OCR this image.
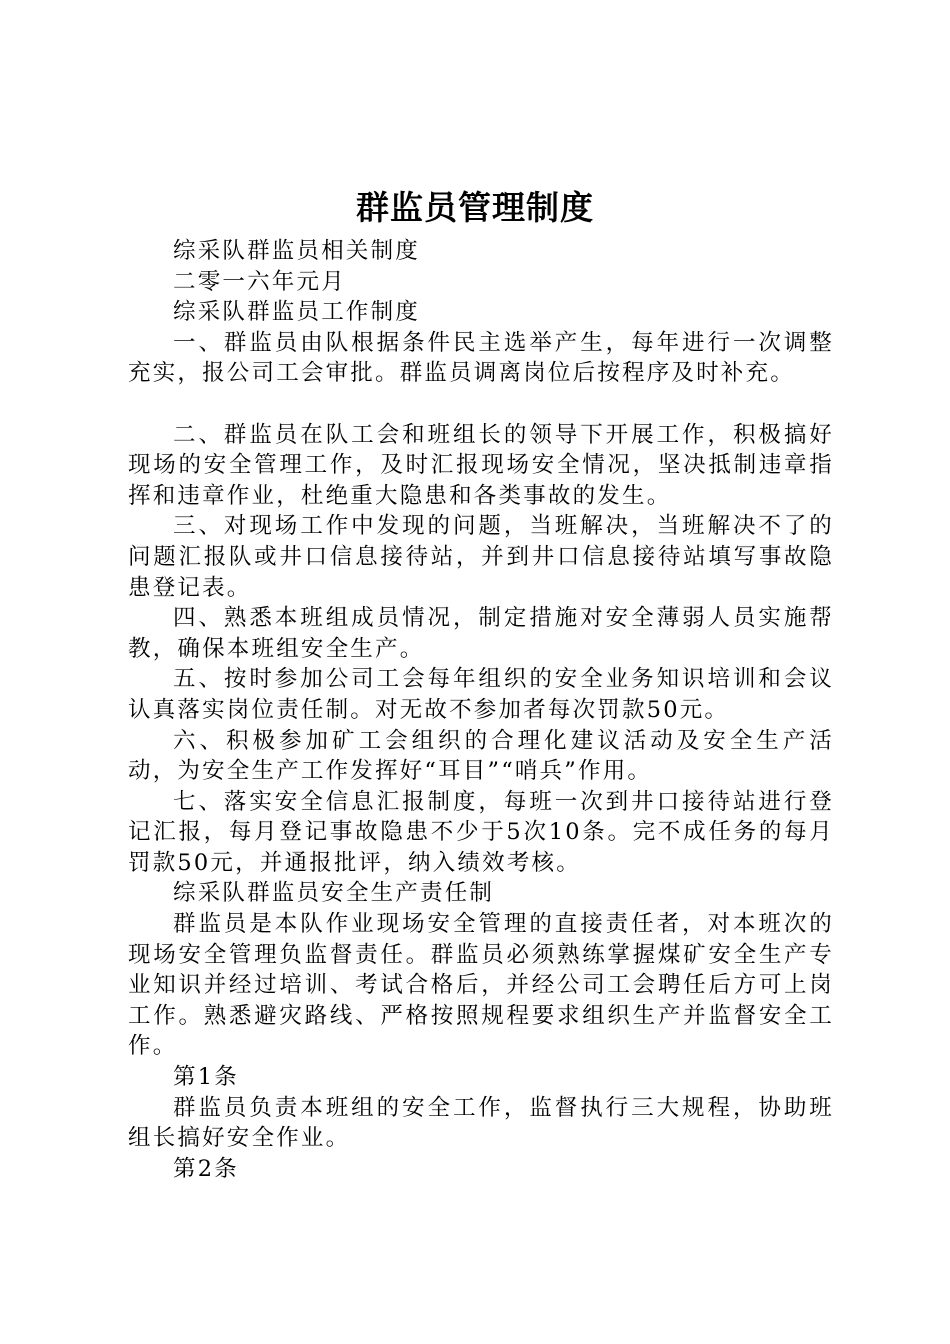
群监员管理制度

综采队群监员相关制度

二零一六年元月

综采队群监员工作制度

一、群监员由队根据条件民主选举产生，每年进行一次调整充实，报公司工会审批。群监员调离岗位后按程序及时补充。

二、群监员在队工会和班组长的领导下开展工作，积极搞好现场的安全管理工作，及时汇报现场安全情况，坚决抵制违章指挥和违章作业，杜绝重大隐患和各类事故的发生。

三、对现场工作中发现的问题，当班解决，当班解决不了的问题汇报队或井口信息接待站，并到井口信息接待站填写事故隐患登记表。

四、熟悉本班组成员情况，制定措施对安全薄弱人员实施帮教，确保本班组安全生产。

五、按时参加公司工会每年组织的安全业务知识培训和会议认真落实岗位责任制。对无故不参加者每次罚款50元。

六、积极参加矿工会组织的合理化建议活动及安全生产活动，为安全生产工作发挥好“耳目”“哨兵”作用。

七、落实安全信息汇报制度，每班一次到井口接待站进行登记汇报，每月登记事故隐患不少于5次10条。完不成任务的每月罚款50元，并通报批评，纳入绩效考核。

综采队群监员安全生产责任制

群监员是本队作业现场安全管理的直接责任者，对本班次的现场安全管理负监督责任。群监员必须熟练掌握煤矿安全生产专业知识并经过培训、考试合格后，并经公司工会聘任后方可上岗工作。熟悉避灾路线、严格按照规程要求组织生产并监督安全工作。

第1条

群监员负责本班组的安全工作，监督执行三大规程，协助班组长搞好安全作业。

第2条
